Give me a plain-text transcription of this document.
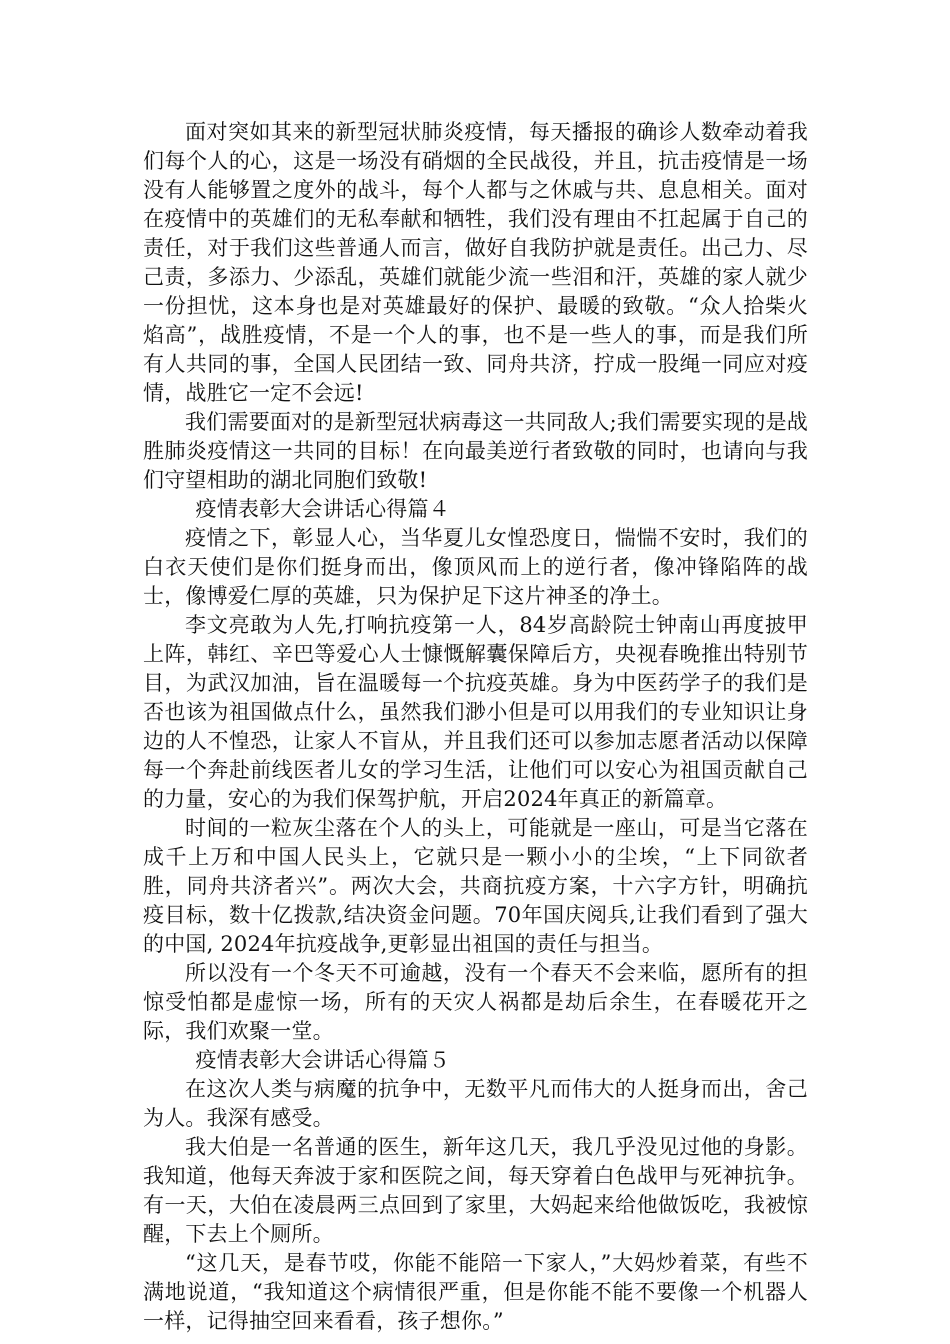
面对突如其来的新型冠状肺炎疫情，每天播报的确诊人数牵动着我们每个人的心，这是一场没有硝烟的全民战役，并且，抗击疫情是一场没有人能够置之度外的战斗，每个人都与之休戚与共、息息相关。面对在疫情中的英雄们的无私奉献和牺牲，我们没有理由不扛起属于自己的责任，对于我们这些普通人而言，做好自我防护就是责任。出己力、尽己责，多添力、少添乱，英雄们就能少流一些泪和汗，英雄的家人就少一份担忧，这本身也是对英雄最好的保护、最暖的致敬。“众人拾柴火焰高”，战胜疫情，不是一个人的事，也不是一些人的事，而是我们所有人共同的事，全国人民团结一致、同舟共济，拧成一股绳一同应对疫情，战胜它一定不会远!

我们需要面对的是新型冠状病毒这一共同敌人;我们需要实现的是战胜肺炎疫情这一共同的目标！在向最美逆行者致敬的同时，也请向与我们守望相助的湖北同胞们致敬!

疫情表彰大会讲话心得篇４

疫情之下，彰显人心，当华夏儿女惶恐度日，惴惴不安时，我们的白衣天使们是你们挺身而出，像顶风而上的逆行者，像冲锋陷阵的战士，像博爱仁厚的英雄，只为保护足下这片神圣的净土。

李文亮敢为人先,打响抗疫第一人，84岁高龄院士钟南山再度披甲上阵，韩红、辛巴等爱心人士慷慨解囊保障后方，央视春晚推出特别节目，为武汉加油，旨在温暖每一个抗疫英雄。身为中医药学子的我们是否也该为祖国做点什么，虽然我们渺小但是可以用我们的专业知识让身边的人不惶恐，让家人不盲从，并且我们还可以参加志愿者活动以保障每一个奔赴前线医者儿女的学习生活，让他们可以安心为祖国贡献自己的力量，安心的为我们保驾护航，开启2024年真正的新篇章。

时间的一粒灰尘落在个人的头上，可能就是一座山，可是当它落在成千上万和中国人民头上，它就只是一颗小小的尘埃，“上下同欲者胜，同舟共济者兴”。两次大会，共商抗疫方案，十六字方针，明确抗疫目标，数十亿拨款,结决资金问题。70年国庆阅兵,让我们看到了强大的中国, 2024年抗疫战争,更彰显出祖国的责任与担当。

所以没有一个冬天不可逾越，没有一个春天不会来临，愿所有的担惊受怕都是虚惊一场，所有的天灾人祸都是劫后余生，在春暖花开之际，我们欢聚一堂。

疫情表彰大会讲话心得篇５

在这次人类与病魔的抗争中，无数平凡而伟大的人挺身而出，舍己为人。我深有感受。

我大伯是一名普通的医生，新年这几天，我几乎没见过他的身影。我知道，他每天奔波于家和医院之间，每天穿着白色战甲与死神抗争。有一天，大伯在凌晨两三点回到了家里，大妈起来给他做饭吃，我被惊醒，下去上个厕所。

“这几天，是春节哎，你能不能陪一下家人，”大妈炒着菜，有些不满地说道，“我知道这个病情很严重，但是你能不能不要像一个机器人一样，记得抽空回来看看，孩子想你。”
